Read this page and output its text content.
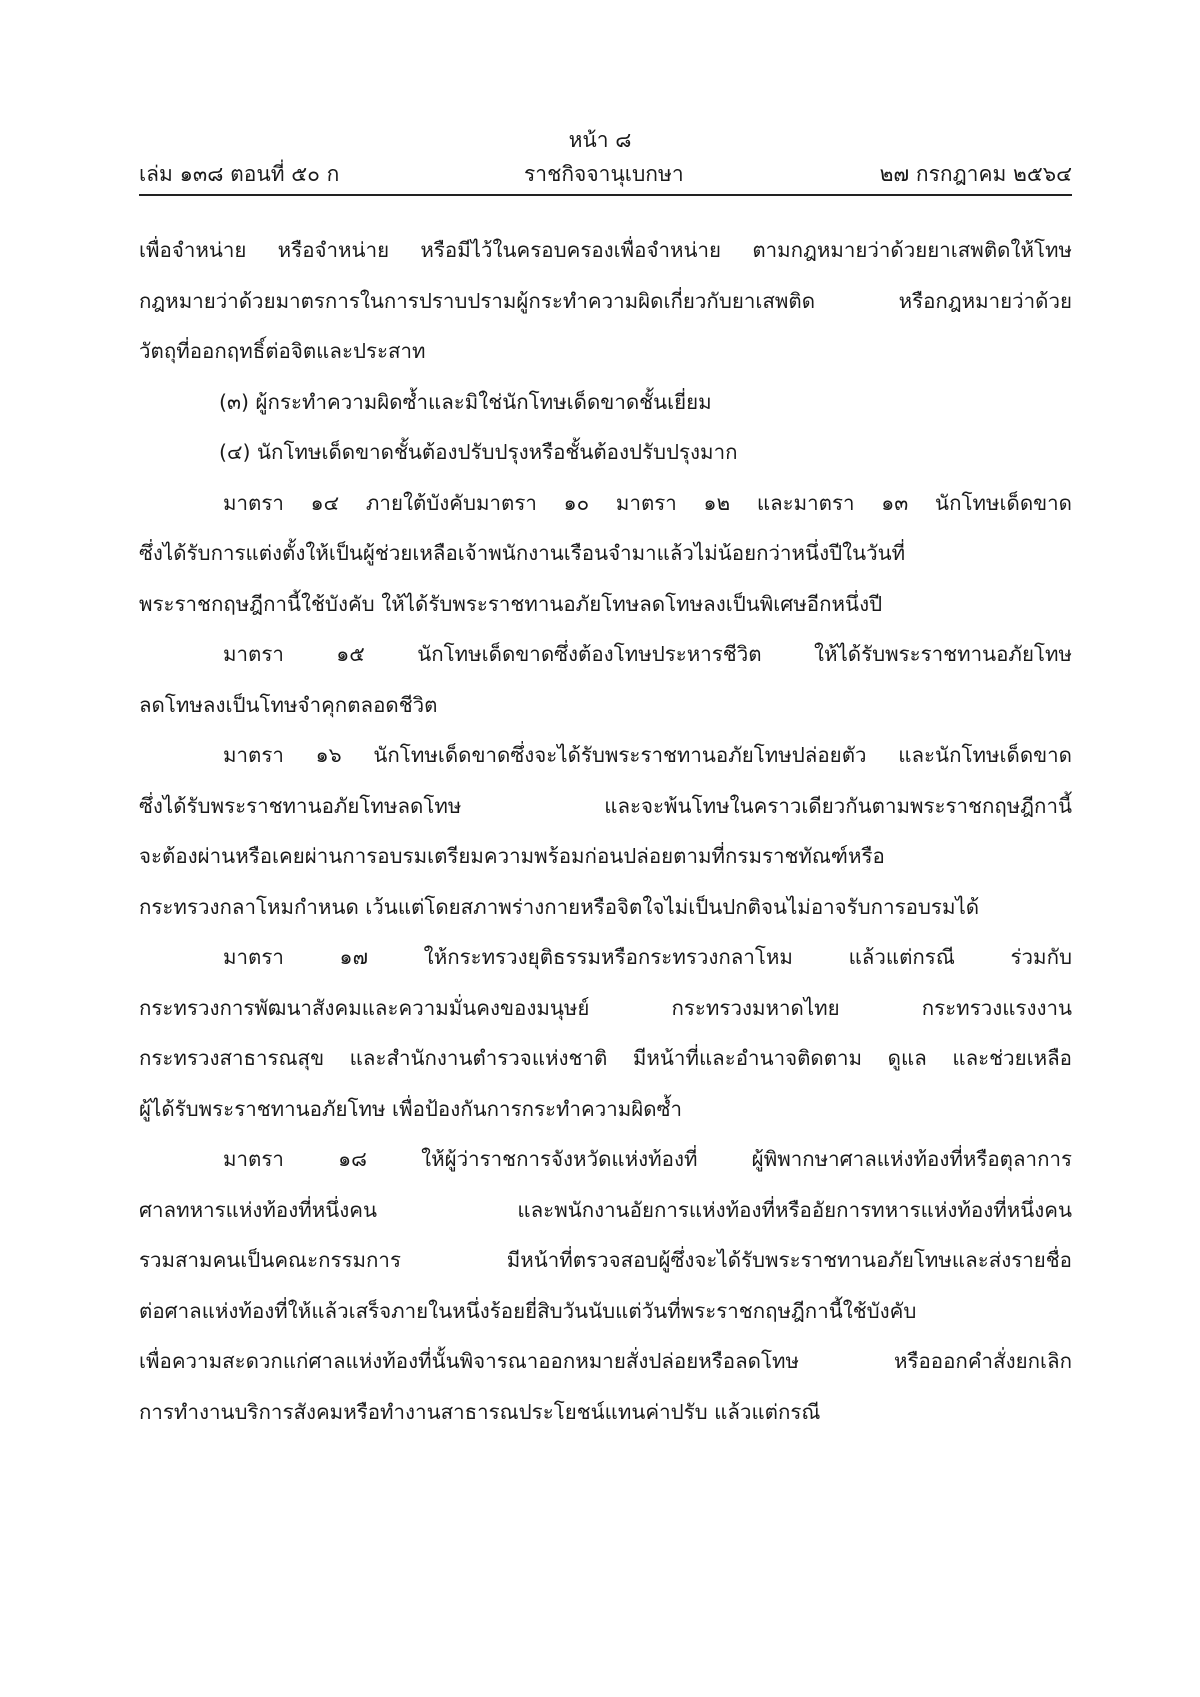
หน้า ๘
เล่ม ๑๓๘ ตอนที่ ๕๐ ก	ราชกิจจานุเบกษา	๒๗ กรกฎาคม ๒๕๖๔
เพื่อจำหน่าย หรือจำหน่าย หรือมีไว้ในครอบครองเพื่อจำหน่าย ตามกฎหมายว่าด้วยยาเสพติดให้โทษ
กฎหมายว่าด้วยมาตรการในการปราบปรามผู้กระทำความผิดเกี่ยวกับยาเสพติด หรือกฎหมายว่าด้วย
วัตถุที่ออกฤทธิ์ต่อจิตและประสาท
(๓) ผู้กระทำความผิดซ้ำและมิใช่นักโทษเด็ดขาดชั้นเยี่ยม
(๔) นักโทษเด็ดขาดชั้นต้องปรับปรุงหรือชั้นต้องปรับปรุงมาก
มาตรา ๑๔ ภายใต้บังคับมาตรา ๑๐ มาตรา ๑๒ และมาตรา ๑๓ นักโทษเด็ดขาด
ซึ่งได้รับการแต่งตั้งให้เป็นผู้ช่วยเหลือเจ้าพนักงานเรือนจำมาแล้วไม่น้อยกว่าหนึ่งปีในวันที่
พระราชกฤษฎีกานี้ใช้บังคับ ให้ได้รับพระราชทานอภัยโทษลดโทษลงเป็นพิเศษอีกหนึ่งปี
มาตรา ๑๕ นักโทษเด็ดขาดซึ่งต้องโทษประหารชีวิต ให้ได้รับพระราชทานอภัยโทษ
ลดโทษลงเป็นโทษจำคุกตลอดชีวิต
มาตรา ๑๖ นักโทษเด็ดขาดซึ่งจะได้รับพระราชทานอภัยโทษปล่อยตัว และนักโทษเด็ดขาด
ซึ่งได้รับพระราชทานอภัยโทษลดโทษ และจะพ้นโทษในคราวเดียวกันตามพระราชกฤษฎีกานี้
จะต้องผ่านหรือเคยผ่านการอบรมเตรียมความพร้อมก่อนปล่อยตามที่กรมราชทัณฑ์หรือ
กระทรวงกลาโหมกำหนด เว้นแต่โดยสภาพร่างกายหรือจิตใจไม่เป็นปกติจนไม่อาจรับการอบรมได้
มาตรา ๑๗ ให้กระทรวงยุติธรรมหรือกระทรวงกลาโหม แล้วแต่กรณี ร่วมกับ
กระทรวงการพัฒนาสังคมและความมั่นคงของมนุษย์ กระทรวงมหาดไทย กระทรวงแรงงาน
กระทรวงสาธารณสุข และสำนักงานตำรวจแห่งชาติ มีหน้าที่และอำนาจติดตาม ดูแล และช่วยเหลือ
ผู้ได้รับพระราชทานอภัยโทษ เพื่อป้องกันการกระทำความผิดซ้ำ
มาตรา ๑๘ ให้ผู้ว่าราชการจังหวัดแห่งท้องที่ ผู้พิพากษาศาลแห่งท้องที่หรือตุลาการ
ศาลทหารแห่งท้องที่หนึ่งคน และพนักงานอัยการแห่งท้องที่หรืออัยการทหารแห่งท้องที่หนึ่งคน
รวมสามคนเป็นคณะกรรมการ มีหน้าที่ตรวจสอบผู้ซึ่งจะได้รับพระราชทานอภัยโทษและส่งรายชื่อ
ต่อศาลแห่งท้องที่ให้แล้วเสร็จภายในหนึ่งร้อยยี่สิบวันนับแต่วันที่พระราชกฤษฎีกานี้ใช้บังคับ
เพื่อความสะดวกแก่ศาลแห่งท้องที่นั้นพิจารณาออกหมายสั่งปล่อยหรือลดโทษ หรือออกคำสั่งยกเลิก
การทำงานบริการสังคมหรือทำงานสาธารณประโยชน์แทนค่าปรับ แล้วแต่กรณี
